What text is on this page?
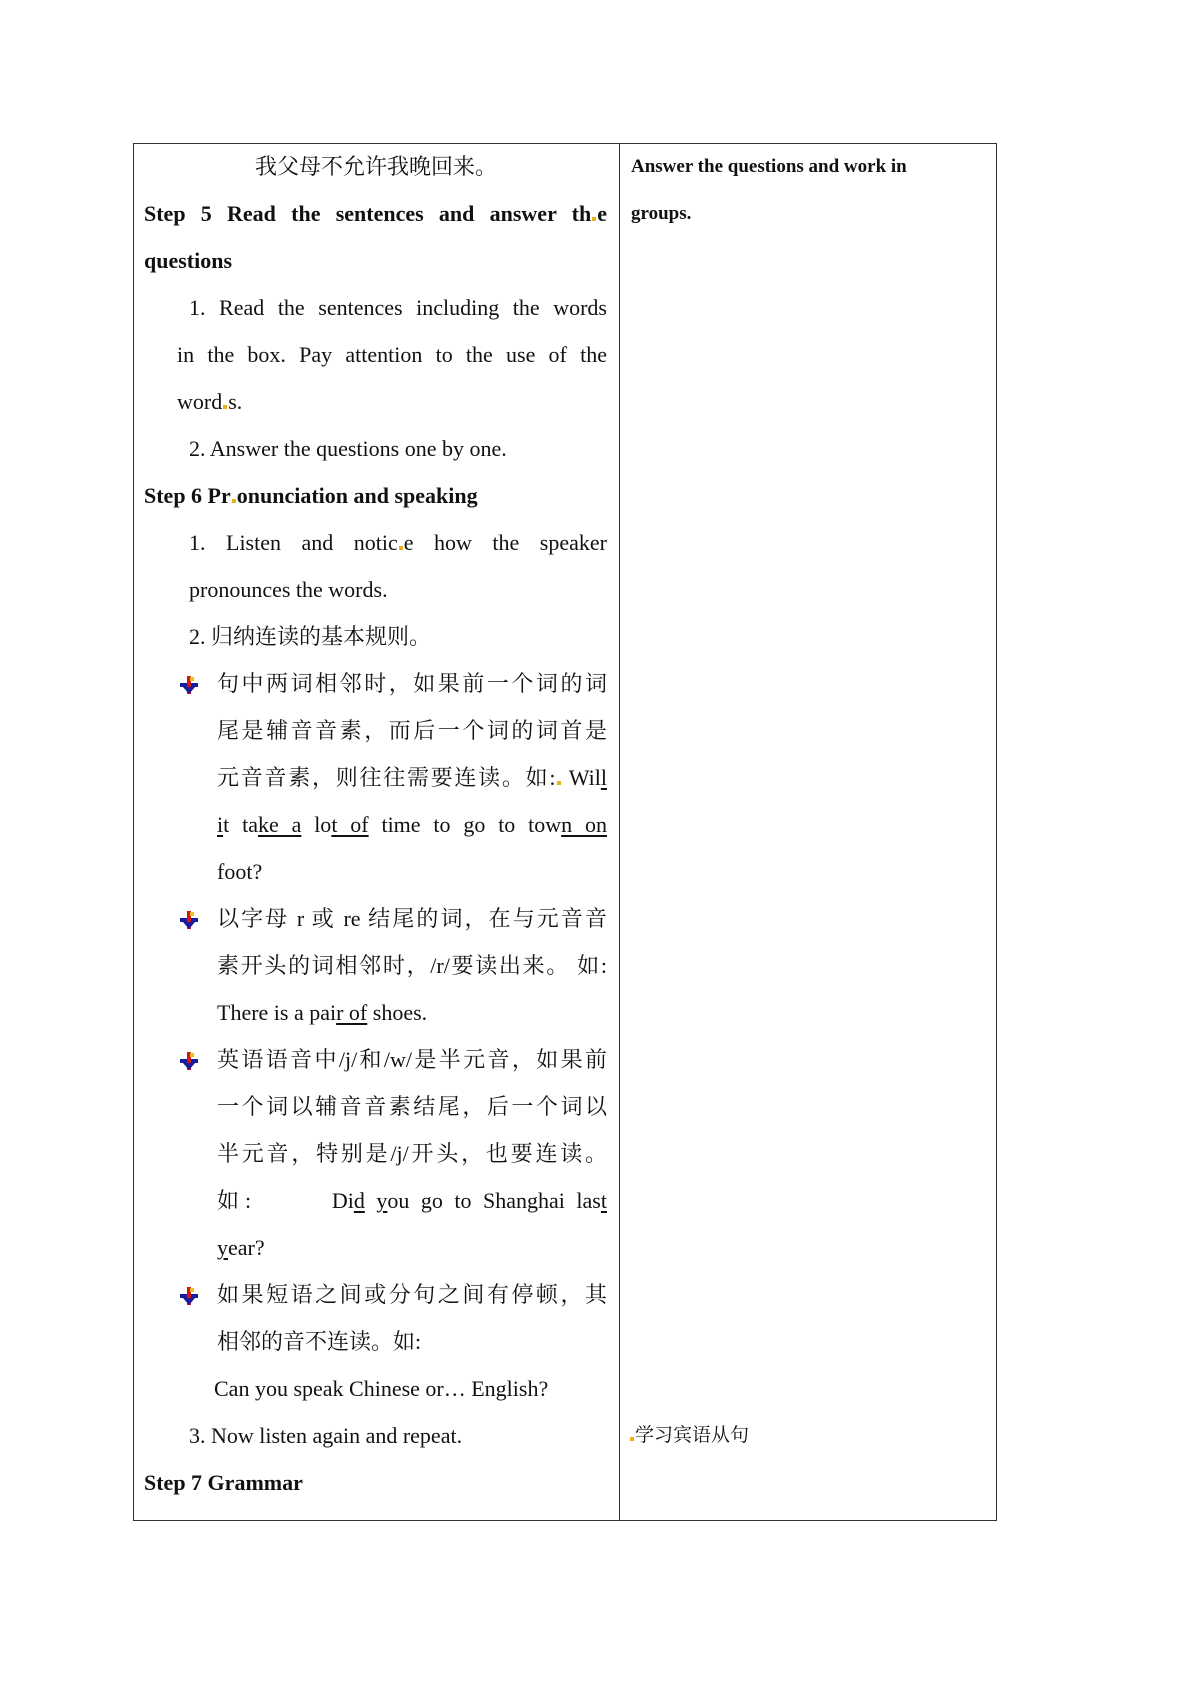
我父母不允许我晚回来。
Step 5 Read the sentences and answer th e
questions
1. Read the sentences including the words
in the box. Pay attention to the use of the
word s.
2. Answer the questions one by one.
Step 6 Pr onunciation and speaking
1. Listen and notic e how the speaker
pronounces the words.
2. 归纳连读的基本规则。
句中两词相邻时，如果前一个词的词
尾是辅音音素，而后一个词的词首是
元音音素，则往往需要连读。如: Will
it take a lot of time to go to town on
foot?
以字母 r 或 re 结尾的词，在与元音音
素开头的词相邻时，/r/要读出来。 如:
There is a pair of shoes.
英语语音中/j/和/w/是半元音，如果前
一个词以辅音音素结尾，后一个词以
半元音，特别是/j/开头，也要连读。
如:	Did you go to Shanghai last
year?
如果短语之间或分句之间有停顿，其
相邻的音不连读。如:
Can you speak Chinese or… English?
3. Now listen again and repeat.
Step 7 Grammar
Answer the questions and work in
groups.
学习宾语从句
